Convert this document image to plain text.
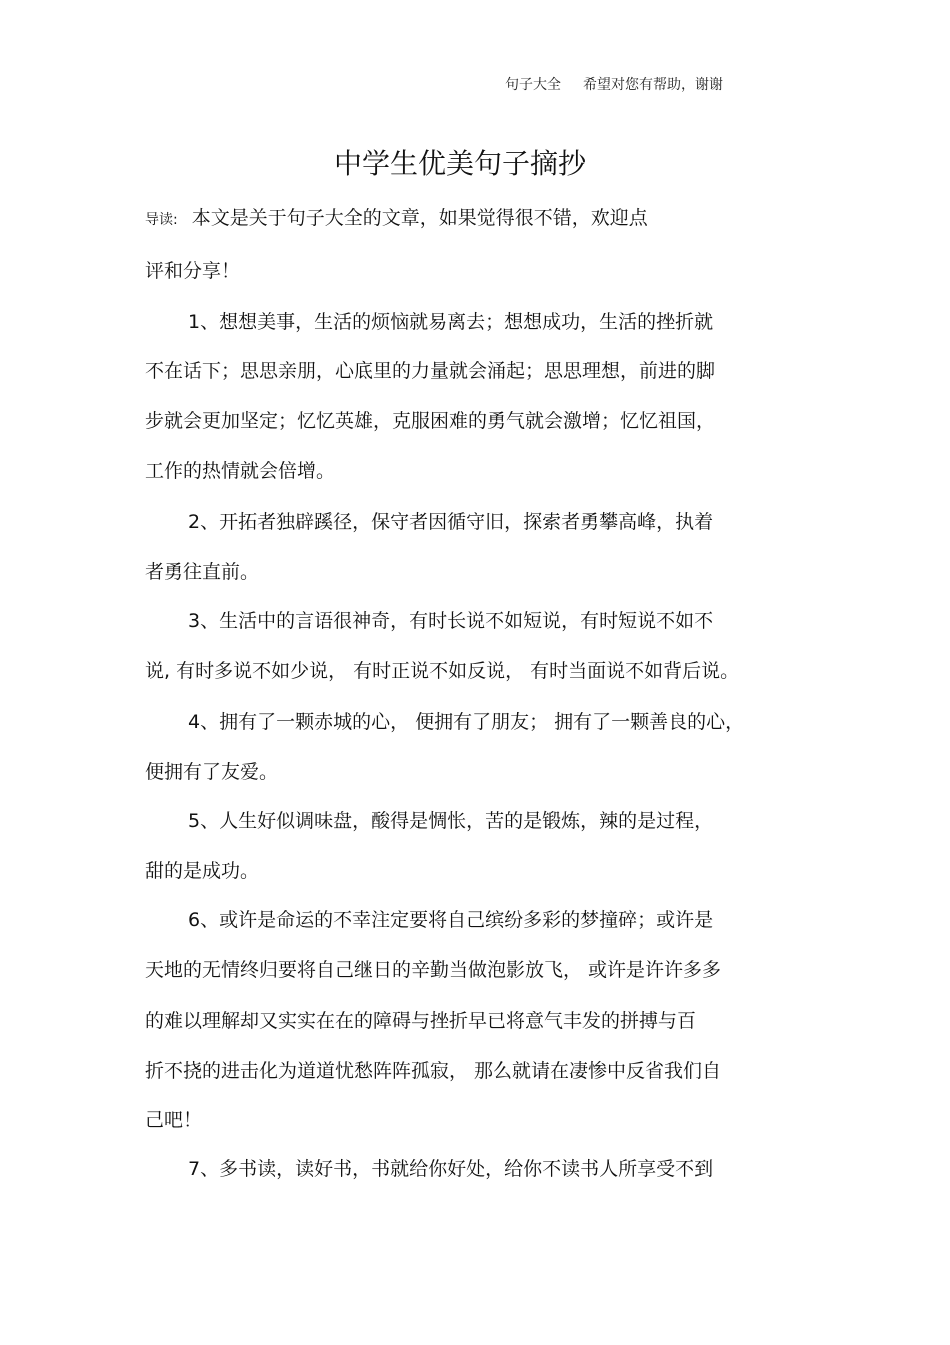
句子大全 希望对您有帮助，谢谢
中学生优美句子摘抄
导读: 本文是关于句子大全的文章，如果觉得很不错，欢迎点
评和分享！
1、想想美事，生活的烦恼就易离去；想想成功，生活的挫折就
不在话下；思思亲朋，心底里的力量就会涌起；思思理想，前进的脚
步就会更加坚定；忆忆英雄，克服困难的勇气就会激增；忆忆祖国，
工作的热情就会倍增。
2、开拓者独辟蹊径，保守者因循守旧，探索者勇攀高峰，执着
者勇往直前。
3、生活中的言语很神奇，有时长说不如短说，有时短说不如不
说, 有时多说不如少说， 有时正说不如反说， 有时当面说不如背后说。
4、拥有了一颗赤城的心， 便拥有了朋友； 拥有了一颗善良的心，
便拥有了友爱。
5、人生好似调味盘，酸得是惆怅，苦的是锻炼，辣的是过程，
甜的是成功。
6、或许是命运的不幸注定要将自己缤纷多彩的梦撞碎；或许是
天地的无情终归要将自己继日的辛勤当做泡影放飞， 或许是许许多多
的难以理解却又实实在在的障碍与挫折早已将意气丰发的拼搏与百
折不挠的进击化为道道忧愁阵阵孤寂， 那么就请在凄惨中反省我们自
己吧！
7、多书读，读好书，书就给你好处，给你不读书人所享受不到
